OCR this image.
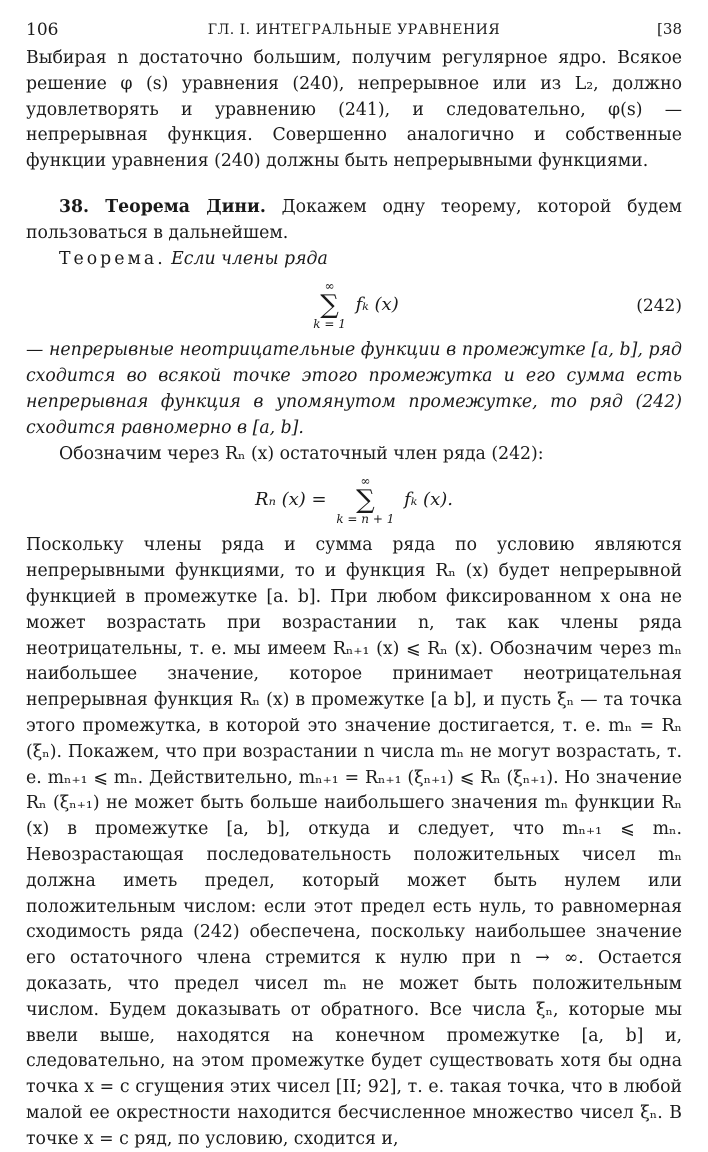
106	ГЛ. I. ИНТЕГРАЛЬНЫЕ УРАВНЕНИЯ	[38

Выбирая n достаточно большим, получим регулярное ядро. Всякое решение φ (s) уравнения (240), непрерывное или из L₂, должно удовлетворять и уравнению (241), и следовательно, φ(s) — непрерывная функция. Совершенно аналогично и собственные функции уравнения (240) должны быть непрерывными функциями.

38. Теорема Дини. Докажем одну теорему, которой будем пользоваться в дальнейшем.

Теорема. Если члены ряда

∞
∑
k = 1
fₖ (x)	(242)

— непрерывные неотрицательные функции в промежутке [a, b], ряд сходится во всякой точке этого промежутка и его сумма есть непрерывная функция в упомянутом промежутке, то ряд (242) сходится равномерно в [a, b].

Обозначим через Rₙ (x) остаточный член ряда (242):

Rₙ (x) =
∞
∑
k = n + 1
fₖ (x).

Поскольку члены ряда и сумма ряда по условию являются непрерывными функциями, то и функция Rₙ (x) будет непрерывной функцией в промежутке [a. b]. При любом фиксированном x она не может возрастать при возрастании n, так как члены ряда неотрицательны, т. е. мы имеем Rₙ₊₁ (x) ⩽ Rₙ (x). Обозначим через mₙ наибольшее значение, которое принимает неотрицательная непрерывная функция Rₙ (x) в промежутке [a b], и пусть ξₙ — та точка этого промежутка, в которой это значение достигается, т. е. mₙ = Rₙ (ξₙ). Покажем, что при возрастании n числа mₙ не могут возрастать, т. е. mₙ₊₁ ⩽ mₙ. Действительно, mₙ₊₁ = Rₙ₊₁ (ξₙ₊₁) ⩽ Rₙ (ξₙ₊₁). Но значение Rₙ (ξₙ₊₁) не может быть больше наибольшего значения mₙ функции Rₙ (x) в промежутке [a, b], откуда и следует, что mₙ₊₁ ⩽ mₙ. Невозрастающая последовательность положительных чисел mₙ должна иметь предел, который может быть нулем или положительным числом: если этот предел есть нуль, то равномерная сходимость ряда (242) обеспечена, поскольку наибольшее значение его остаточного члена стремится к нулю при n → ∞. Остается доказать, что предел чисел mₙ не может быть положительным числом. Будем доказывать от обратного. Все числа ξₙ, которые мы ввели выше, находятся на конечном промежутке [a, b] и, следовательно, на этом промежутке будет существовать хотя бы одна точка x = c сгущения этих чисел [II; 92], т. е. такая точка, что в любой малой ее окрестности находится бесчисленное множество чисел ξₙ. В точке x = c ряд, по условию, сходится и,
